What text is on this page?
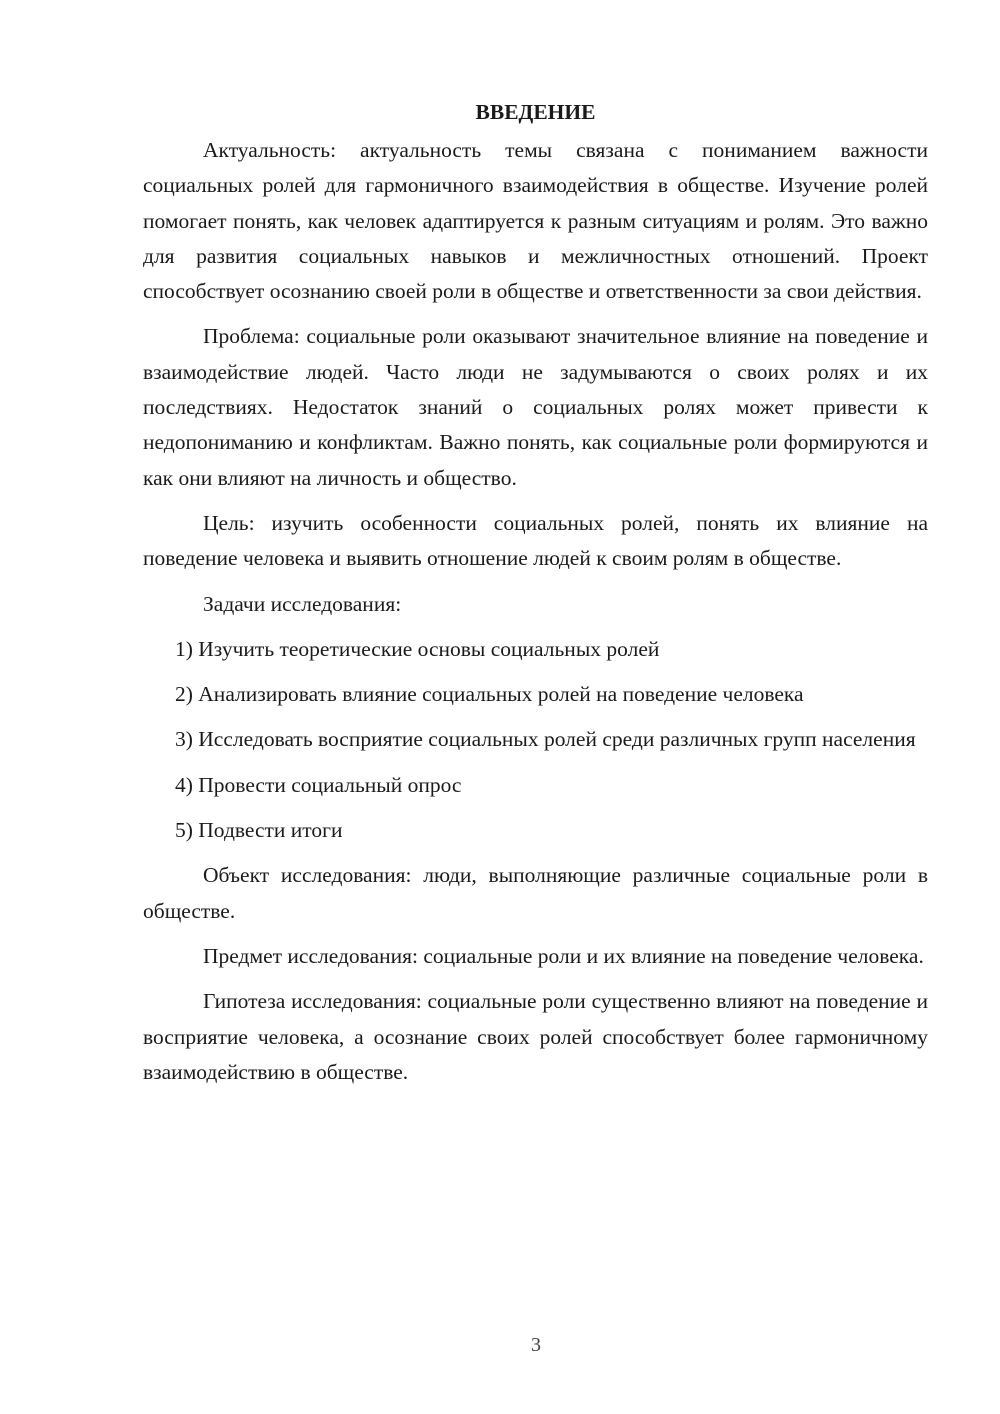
ВВЕДЕНИЕ

Актуальность: актуальность темы связана с пониманием важности социальных ролей для гармоничного взаимодействия в обществе. Изучение ролей помогает понять, как человек адаптируется к разным ситуациям и ролям. Это важно для развития социальных навыков и межличностных отношений. Проект способствует осознанию своей роли в обществе и ответственности за свои действия.

Проблема: социальные роли оказывают значительное влияние на поведение и взаимодействие людей. Часто люди не задумываются о своих ролях и их последствиях. Недостаток знаний о социальных ролях может привести к недопониманию и конфликтам. Важно понять, как социальные роли формируются и как они влияют на личность и общество.

Цель: изучить особенности социальных ролей, понять их влияние на поведение человека и выявить отношение людей к своим ролям в обществе.

Задачи исследования:

1) Изучить теоретические основы социальных ролей

2) Анализировать влияние социальных ролей на поведение человека

3) Исследовать восприятие социальных ролей среди различных групп населения

4) Провести социальный опрос

5) Подвести итоги

Объект исследования: люди, выполняющие различные социальные роли в обществе.

Предмет исследования: социальные роли и их влияние на поведение человека.

Гипотеза исследования: социальные роли существенно влияют на поведение и восприятие человека, а осознание своих ролей способствует более гармоничному взаимодействию в обществе.

3
